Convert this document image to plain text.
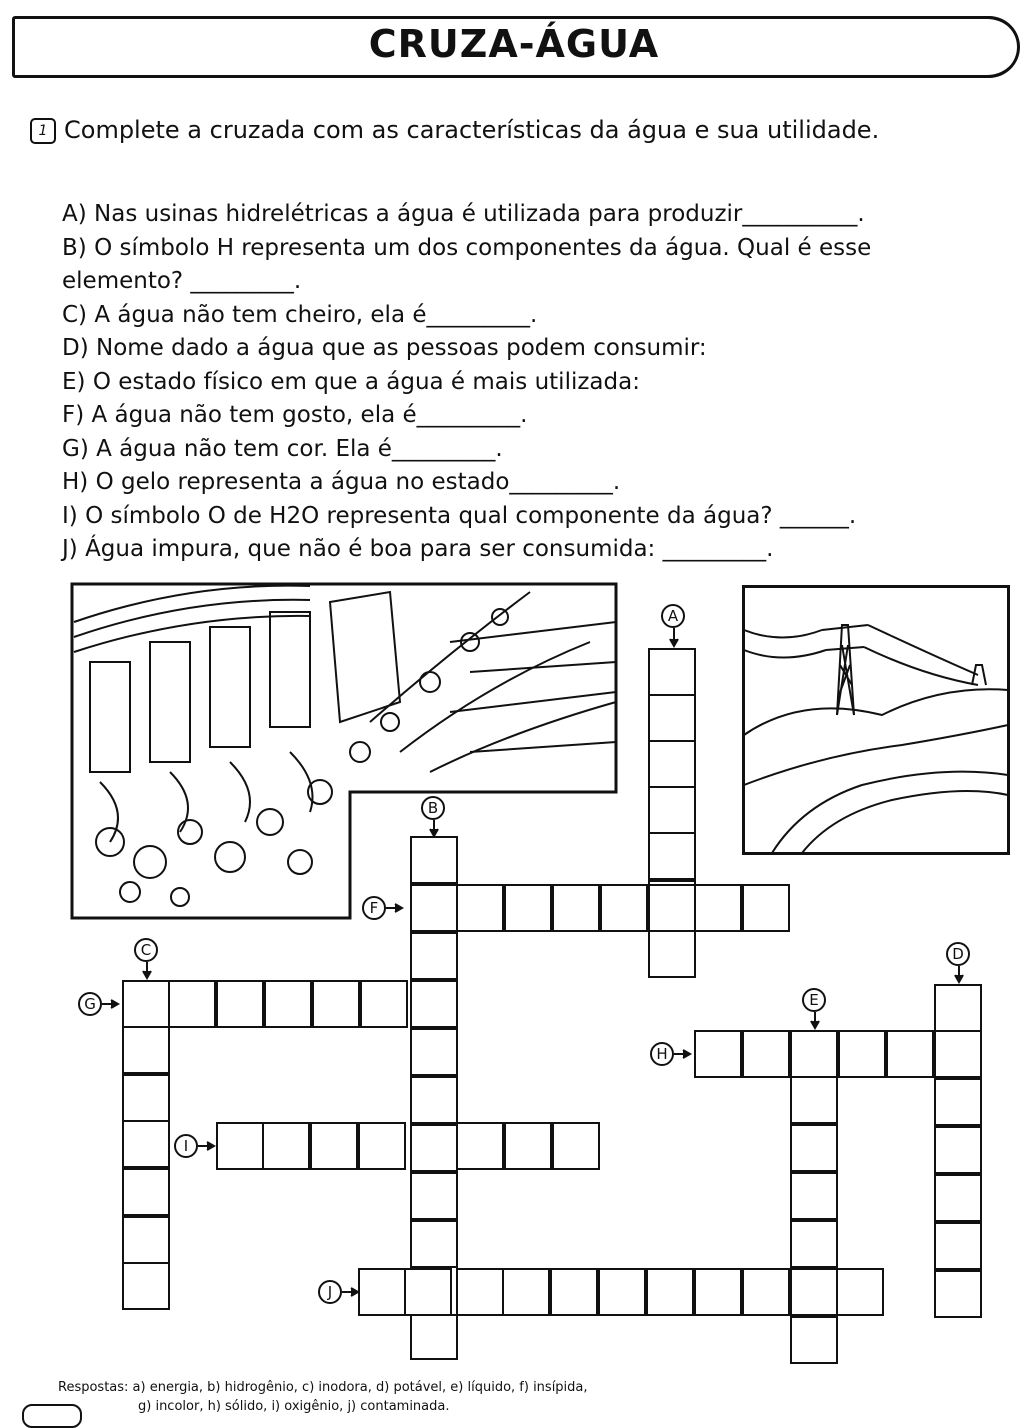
CRUZA-ÁGUA
1 Complete a cruzada com as características da água e sua utilidade.
A) Nas usinas hidrelétricas a água é utilizada para produzir__________.
B) O símbolo H representa um dos componentes da água. Qual é esse
elemento? _________.
C) A água não tem cheiro, ela é_________.
D) Nome dado a água que as pessoas podem consumir:
E) O estado físico em que a água é mais utilizada:
F) A água não tem gosto, ela é_________.
G) A água não tem cor. Ela é_________.
H) O gelo representa a água no estado_________.
I) O símbolo O de H2O representa qual componente da água? ______.
J) Água impura, que não é boa para ser consumida: _________.
A
B
C	D
E
F
G
H
I
J
Respostas: a) energia, b) hidrogênio, c) inodora, d) potável, e) líquido, f) insípida,
g) incolor, h) sólido, i) oxigênio, j) contaminada.
